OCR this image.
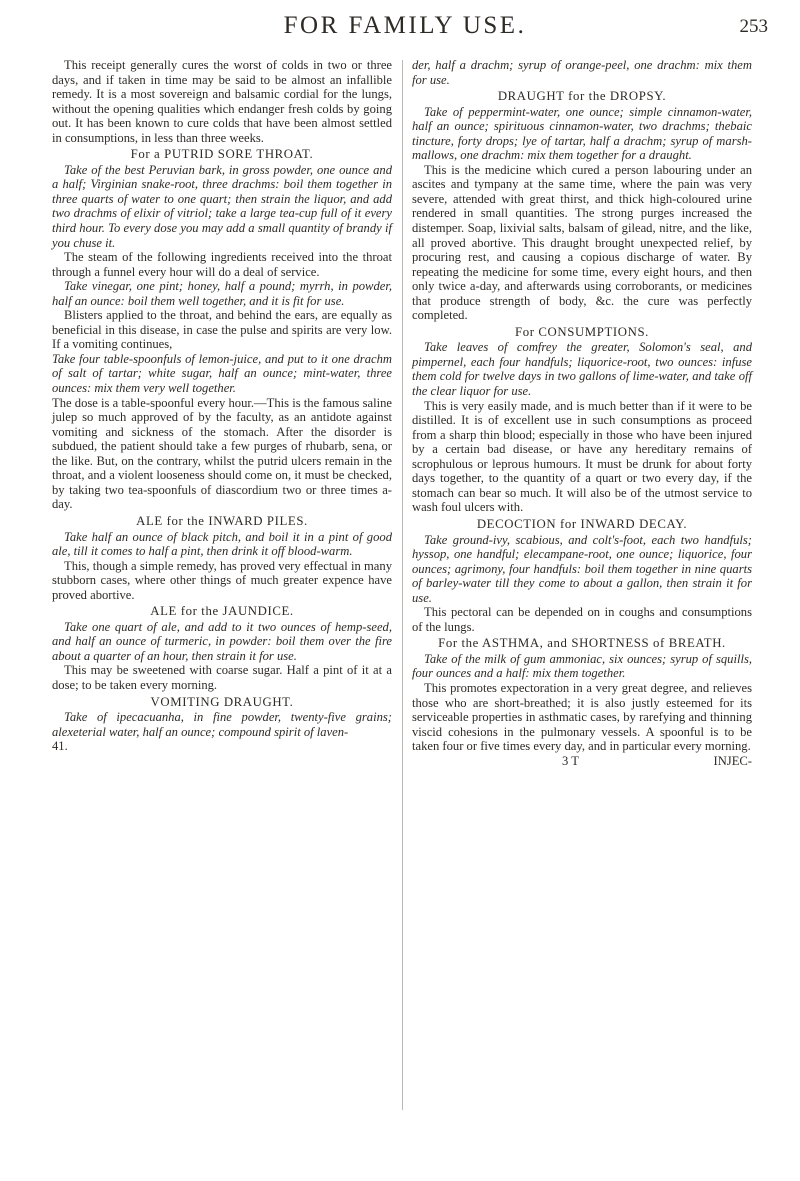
FOR FAMILY USE.	253

This receipt generally cures the worst of colds in two or three days, and if taken in time may be said to be almost an infallible remedy. It is a most sovereign and balsamic cordial for the lungs, without the opening qualities which endanger fresh colds by going out. It has been known to cure colds that have been almost settled in consumptions, in less than three weeks.

For a PUTRID SORE THROAT.

Take of the best Peruvian bark, in gross powder, one ounce and a half; Virginian snake-root, three drachms: boil them together in three quarts of water to one quart; then strain the liquor, and add two drachms of elixir of vitriol; take a large tea-cup full of it every third hour. To every dose you may add a small quantity of brandy if you chuse it.

The steam of the following ingredients received into the throat through a funnel every hour will do a deal of service.

Take vinegar, one pint; honey, half a pound; myrrh, in powder, half an ounce: boil them well together, and it is fit for use.

Blisters applied to the throat, and behind the ears, are equally as beneficial in this disease, in case the pulse and spirits are very low. If a vomiting continues,

Take four table-spoonfuls of lemon-juice, and put to it one drachm of salt of tartar; white sugar, half an ounce; mint-water, three ounces: mix them very well together.

The dose is a table-spoonful every hour.—This is the famous saline julep so much approved of by the faculty, as an antidote against vomiting and sickness of the stomach. After the disorder is subdued, the patient should take a few purges of rhubarb, sena, or the like. But, on the contrary, whilst the putrid ulcers remain in the throat, and a violent looseness should come on, it must be checked, by taking two tea-spoonfuls of diascordium two or three times a-day.

ALE for the INWARD PILES.

Take half an ounce of black pitch, and boil it in a pint of good ale, till it comes to half a pint, then drink it off blood-warm.

This, though a simple remedy, has proved very effectual in many stubborn cases, where other things of much greater expence have proved abortive.

ALE for the JAUNDICE.

Take one quart of ale, and add to it two ounces of hemp-seed, and half an ounce of turmeric, in powder: boil them over the fire about a quarter of an hour, then strain it for use.

This may be sweetened with coarse sugar. Half a pint of it at a dose; to be taken every morning.

VOMITING DRAUGHT.

Take of ipecacuanha, in fine powder, twenty-five grains; alexeterial water, half an ounce; compound spirit of laven-

41.

der, half a drachm; syrup of orange-peel, one drachm: mix them for use.

DRAUGHT for the DROPSY.

Take of peppermint-water, one ounce; simple cinnamon-water, half an ounce; spirituous cinnamon-water, two drachms; thebaic tincture, forty drops; lye of tartar, half a drachm; syrup of marsh-mallows, one drachm: mix them together for a draught.

This is the medicine which cured a person labouring under an ascites and tympany at the same time, where the pain was very severe, attended with great thirst, and thick high-coloured urine rendered in small quantities. The strong purges increased the distemper. Soap, lixivial salts, balsam of gilead, nitre, and the like, all proved abortive. This draught brought unexpected relief, by procuring rest, and causing a copious discharge of water. By repeating the medicine for some time, every eight hours, and then only twice a-day, and afterwards using corroborants, or medicines that produce strength of body, &c. the cure was perfectly completed.

For CONSUMPTIONS.

Take leaves of comfrey the greater, Solomon's seal, and pimpernel, each four handfuls; liquorice-root, two ounces: infuse them cold for twelve days in two gallons of lime-water, and take off the clear liquor for use.

This is very easily made, and is much better than if it were to be distilled. It is of excellent use in such consumptions as proceed from a sharp thin blood; especially in those who have been injured by a certain bad disease, or have any hereditary remains of scrophulous or leprous humours. It must be drunk for about forty days together, to the quantity of a quart or two every day, if the stomach can bear so much. It will also be of the utmost service to wash foul ulcers with.

DECOCTION for INWARD DECAY.

Take ground-ivy, scabious, and colt's-foot, each two handfuls; hyssop, one handful; elecampane-root, one ounce; liquorice, four ounces; agrimony, four handfuls: boil them together in nine quarts of barley-water till they come to about a gallon, then strain it for use.

This pectoral can be depended on in coughs and consumptions of the lungs.

For the ASTHMA, and SHORTNESS of BREATH.

Take of the milk of gum ammoniac, six ounces; syrup of squills, four ounces and a half: mix them together.

This promotes expectoration in a very great degree, and relieves those who are short-breathed; it is also justly esteemed for its serviceable properties in asthmatic cases, by rarefying and thinning viscid cohesions in the pulmonary vessels. A spoonful is to be taken four or five times every day, and in particular every morning.

3 T	INJEC-
